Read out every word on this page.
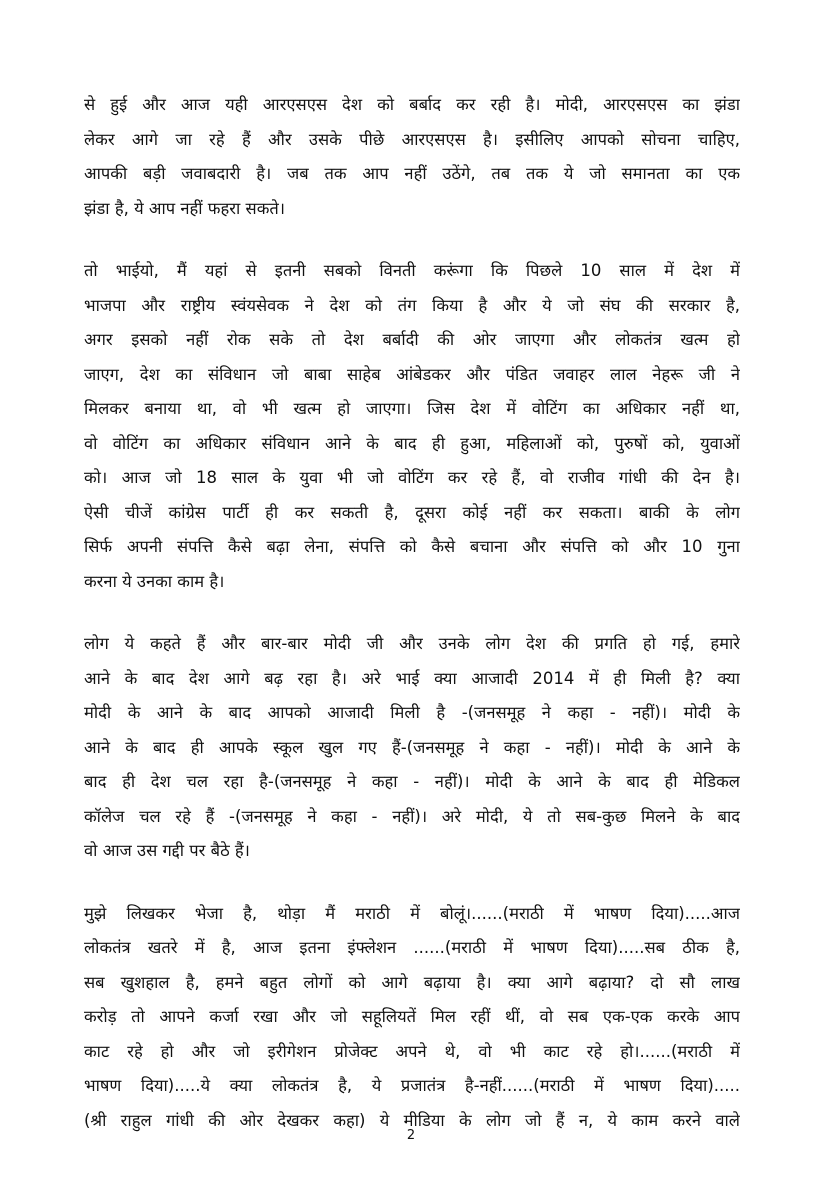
से हुई और आज यही आरएसएस देश को बर्बाद कर रही है। मोदी, आरएसएस का झंडा
लेकर आगे जा रहे हैं और उसके पीछे आरएसएस है। इसीलिए आपको सोचना चाहिए,
आपकी बड़ी जवाबदारी है। जब तक आप नहीं उठेंगे, तब तक ये जो समानता का एक
झंडा है, ये आप नहीं फहरा सकते।

तो भाईयो, मैं यहां से इतनी सबको विनती करूंगा कि पिछले 10 साल में देश में
भाजपा और राष्ट्रीय स्वंयसेवक ने देश को तंग किया है और ये जो संघ की सरकार है,
अगर इसको नहीं रोक सके तो देश बर्बादी की ओर जाएगा और लोकतंत्र खत्म हो
जाएग, देश का संविधान जो बाबा साहेब आंबेडकर और पंडित जवाहर लाल नेहरू जी ने
मिलकर बनाया था, वो भी खत्म हो जाएगा। जिस देश में वोटिंग का अधिकार नहीं था,
वो वोटिंग का अधिकार संविधान आने के बाद ही हुआ, महिलाओं को, पुरुषों को, युवाओं
को। आज जो 18 साल के युवा भी जो वोटिंग कर रहे हैं, वो राजीव गांधी की देन है।
ऐसी चीजें कांग्रेस पार्टी ही कर सकती है, दूसरा कोई नहीं कर सकता। बाकी के लोग
सिर्फ अपनी संपत्ति कैसे बढ़ा लेना, संपत्ति को कैसे बचाना और संपत्ति को और 10 गुना
करना ये उनका काम है।

लोग ये कहते हैं और बार-बार मोदी जी और उनके लोग देश की प्रगति हो गई, हमारे
आने के बाद देश आगे बढ़ रहा है। अरे भाई क्या आजादी 2014 में ही मिली है? क्या
मोदी के आने के बाद आपको आजादी मिली है -(जनसमूह ने कहा - नहीं)। मोदी के
आने के बाद ही आपके स्कूल खुल गए हैं-(जनसमूह ने कहा - नहीं)। मोदी के आने के
बाद ही देश चल रहा है-(जनसमूह ने कहा - नहीं)। मोदी के आने के बाद ही मेडिकल
कॉलेज चल रहे हैं -(जनसमूह ने कहा - नहीं)। अरे मोदी, ये तो सब-कुछ मिलने के बाद
वो आज उस गद्दी पर बैठे हैं।

मुझे लिखकर भेजा है, थोड़ा मैं मराठी में बोलूं।......(मराठी में भाषण दिया).....आज
लोकतंत्र खतरे में है, आज इतना इंफ्लेशन ......(मराठी में भाषण दिया).....सब ठीक है,
सब खुशहाल है, हमने बहुत लोगों को आगे बढ़ाया है। क्या आगे बढ़ाया? दो सौ लाख
करोड़ तो आपने कर्जा रखा और जो सहूलियतें मिल रहीं थीं, वो सब एक-एक करके आप
काट रहे हो और जो इरीगेशन प्रोजेक्ट अपने थे, वो भी काट रहे हो।......(मराठी में
भाषण दिया).....ये क्या लोकतंत्र है, ये प्रजातंत्र है-नहीं......(मराठी में भाषण दिया).....
(श्री राहुल गांधी की ओर देखकर कहा) ये मीडिया के लोग जो हैं न, ये काम करने वाले

2
